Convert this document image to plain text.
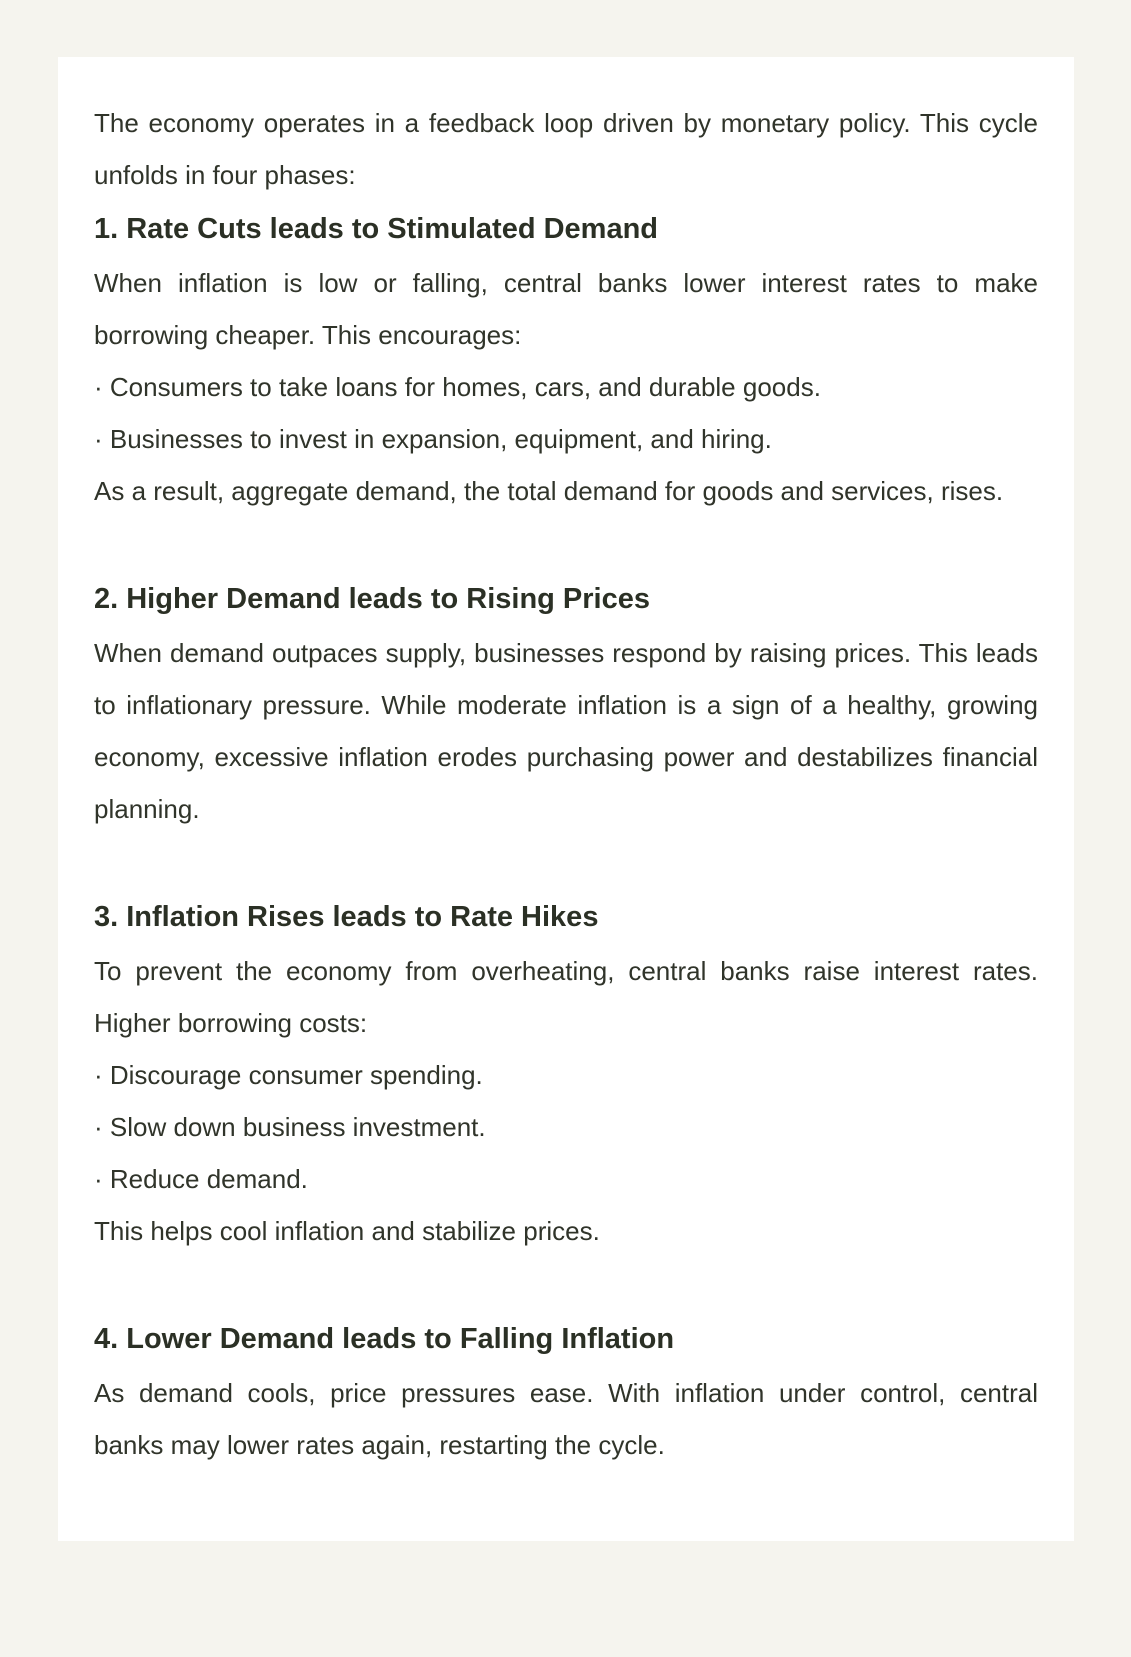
The economy operates in a feedback loop driven by monetary policy. This cycle unfolds in four phases:

1. Rate Cuts leads to Stimulated Demand

When inflation is low or falling, central banks lower interest rates to make borrowing cheaper. This encourages:

· Consumers to take loans for homes, cars, and durable goods.

· Businesses to invest in expansion, equipment, and hiring.

As a result, aggregate demand, the total demand for goods and services, rises.

2. Higher Demand leads to Rising Prices

When demand outpaces supply, businesses respond by raising prices. This leads to inflationary pressure. While moderate inflation is a sign of a healthy, growing economy, excessive inflation erodes purchasing power and destabilizes financial planning.

3. Inflation Rises leads to Rate Hikes

To prevent the economy from overheating, central banks raise interest rates. Higher borrowing costs:

· Discourage consumer spending.

· Slow down business investment.

· Reduce demand.

This helps cool inflation and stabilize prices.

4. Lower Demand leads to Falling Inflation

As demand cools, price pressures ease. With inflation under control, central banks may lower rates again, restarting the cycle.
